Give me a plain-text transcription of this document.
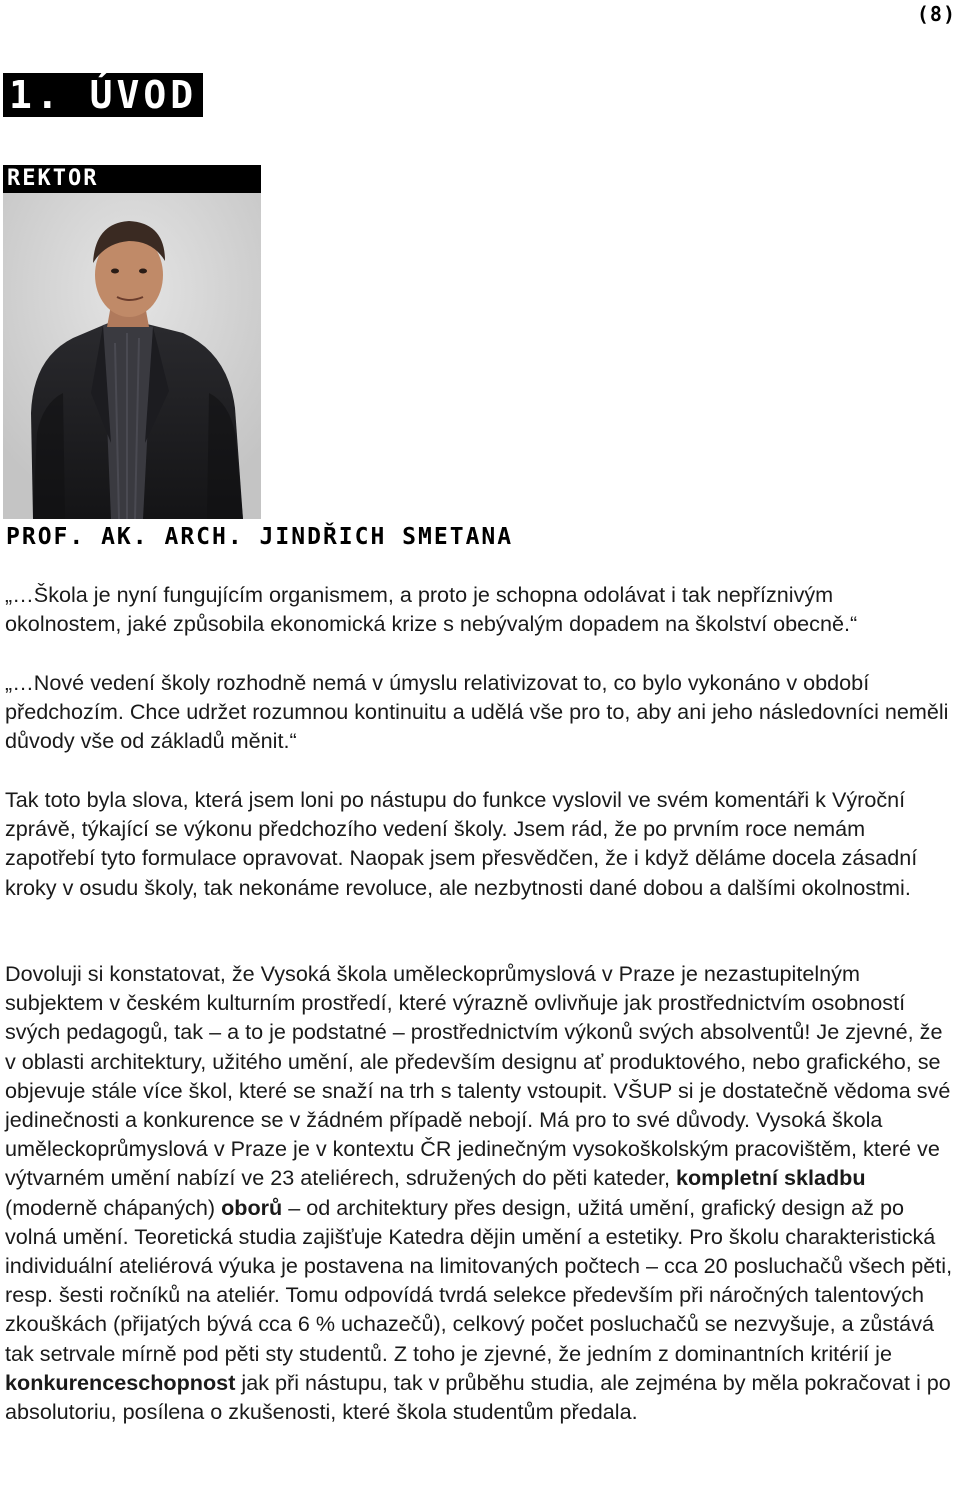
(8)
1. ÚVOD
REKTOR
PROF. AK. ARCH. JINDŘICH SMETANA

„…Škola je nyní fungujícím organismem, a proto je schopna odolávat i tak nepříznivým okolnostem, jaké způsobila ekonomická krize s nebývalým dopadem na školství obecně.“

„…Nové vedení školy rozhodně nemá v úmyslu relativizovat to, co bylo vykonáno v období předchozím. Chce udržet rozumnou kontinuitu a udělá vše pro to, aby ani jeho následovníci neměli důvody vše od základů měnit.“

Tak toto byla slova, která jsem loni po nástupu do funkce vyslovil ve svém komentáři k Výroční zprávě, týkající se výkonu předchozího vedení školy. Jsem rád, že po prvním roce nemám zapotřebí tyto formulace opravovat. Naopak jsem přesvědčen, že i když děláme docela zásadní kroky v osudu školy, tak nekonáme revoluce, ale nezbytnosti dané dobou a dalšími okolnostmi.

Dovoluji si konstatovat, že Vysoká škola uměleckoprůmyslová v Praze je nezastupitelným subjektem v českém kulturním prostředí, které výrazně ovlivňuje jak prostřednictvím osobností svých pedagogů, tak – a to je podstatné – prostřednictvím výkonů svých absolventů! Je zjevné, že v oblasti architektury, užitého umění, ale především designu ať produktového, nebo grafického, se objevuje stále více škol, které se snaží na trh s talenty vstoupit. VŠUP si je dostatečně vědoma své jedinečnosti a konkurence se v žádném případě nebojí. Má pro to své důvody. Vysoká škola uměleckoprůmyslová v Praze je v kontextu ČR jedinečným vysokoškolským pracovištěm, které ve výtvarném umění nabízí ve 23 ateliérech, sdružených do pěti kateder, kompletní skladbu (moderně chápaných) oborů – od architektury přes design, užitá umění, grafický design až po volná umění. Teoretická studia zajišťuje Katedra dějin umění a estetiky. Pro školu charakteristická individuální ateliérová výuka je postavena na limitovaných počtech – cca 20 posluchačů všech pěti, resp. šesti ročníků na ateliér. Tomu odpovídá tvrdá selekce především při náročných talentových zkouškách (přijatých bývá cca 6 % uchazečů), celkový počet posluchačů se nezvyšuje, a zůstává tak setrvale mírně pod pěti sty studentů. Z toho je zjevné, že jedním z dominantních kritérií je konkurenceschopnost jak při nástupu, tak v průběhu studia, ale zejména by měla pokračovat i po absolutoriu, posílena o zkušenosti, které škola studentům předala.
